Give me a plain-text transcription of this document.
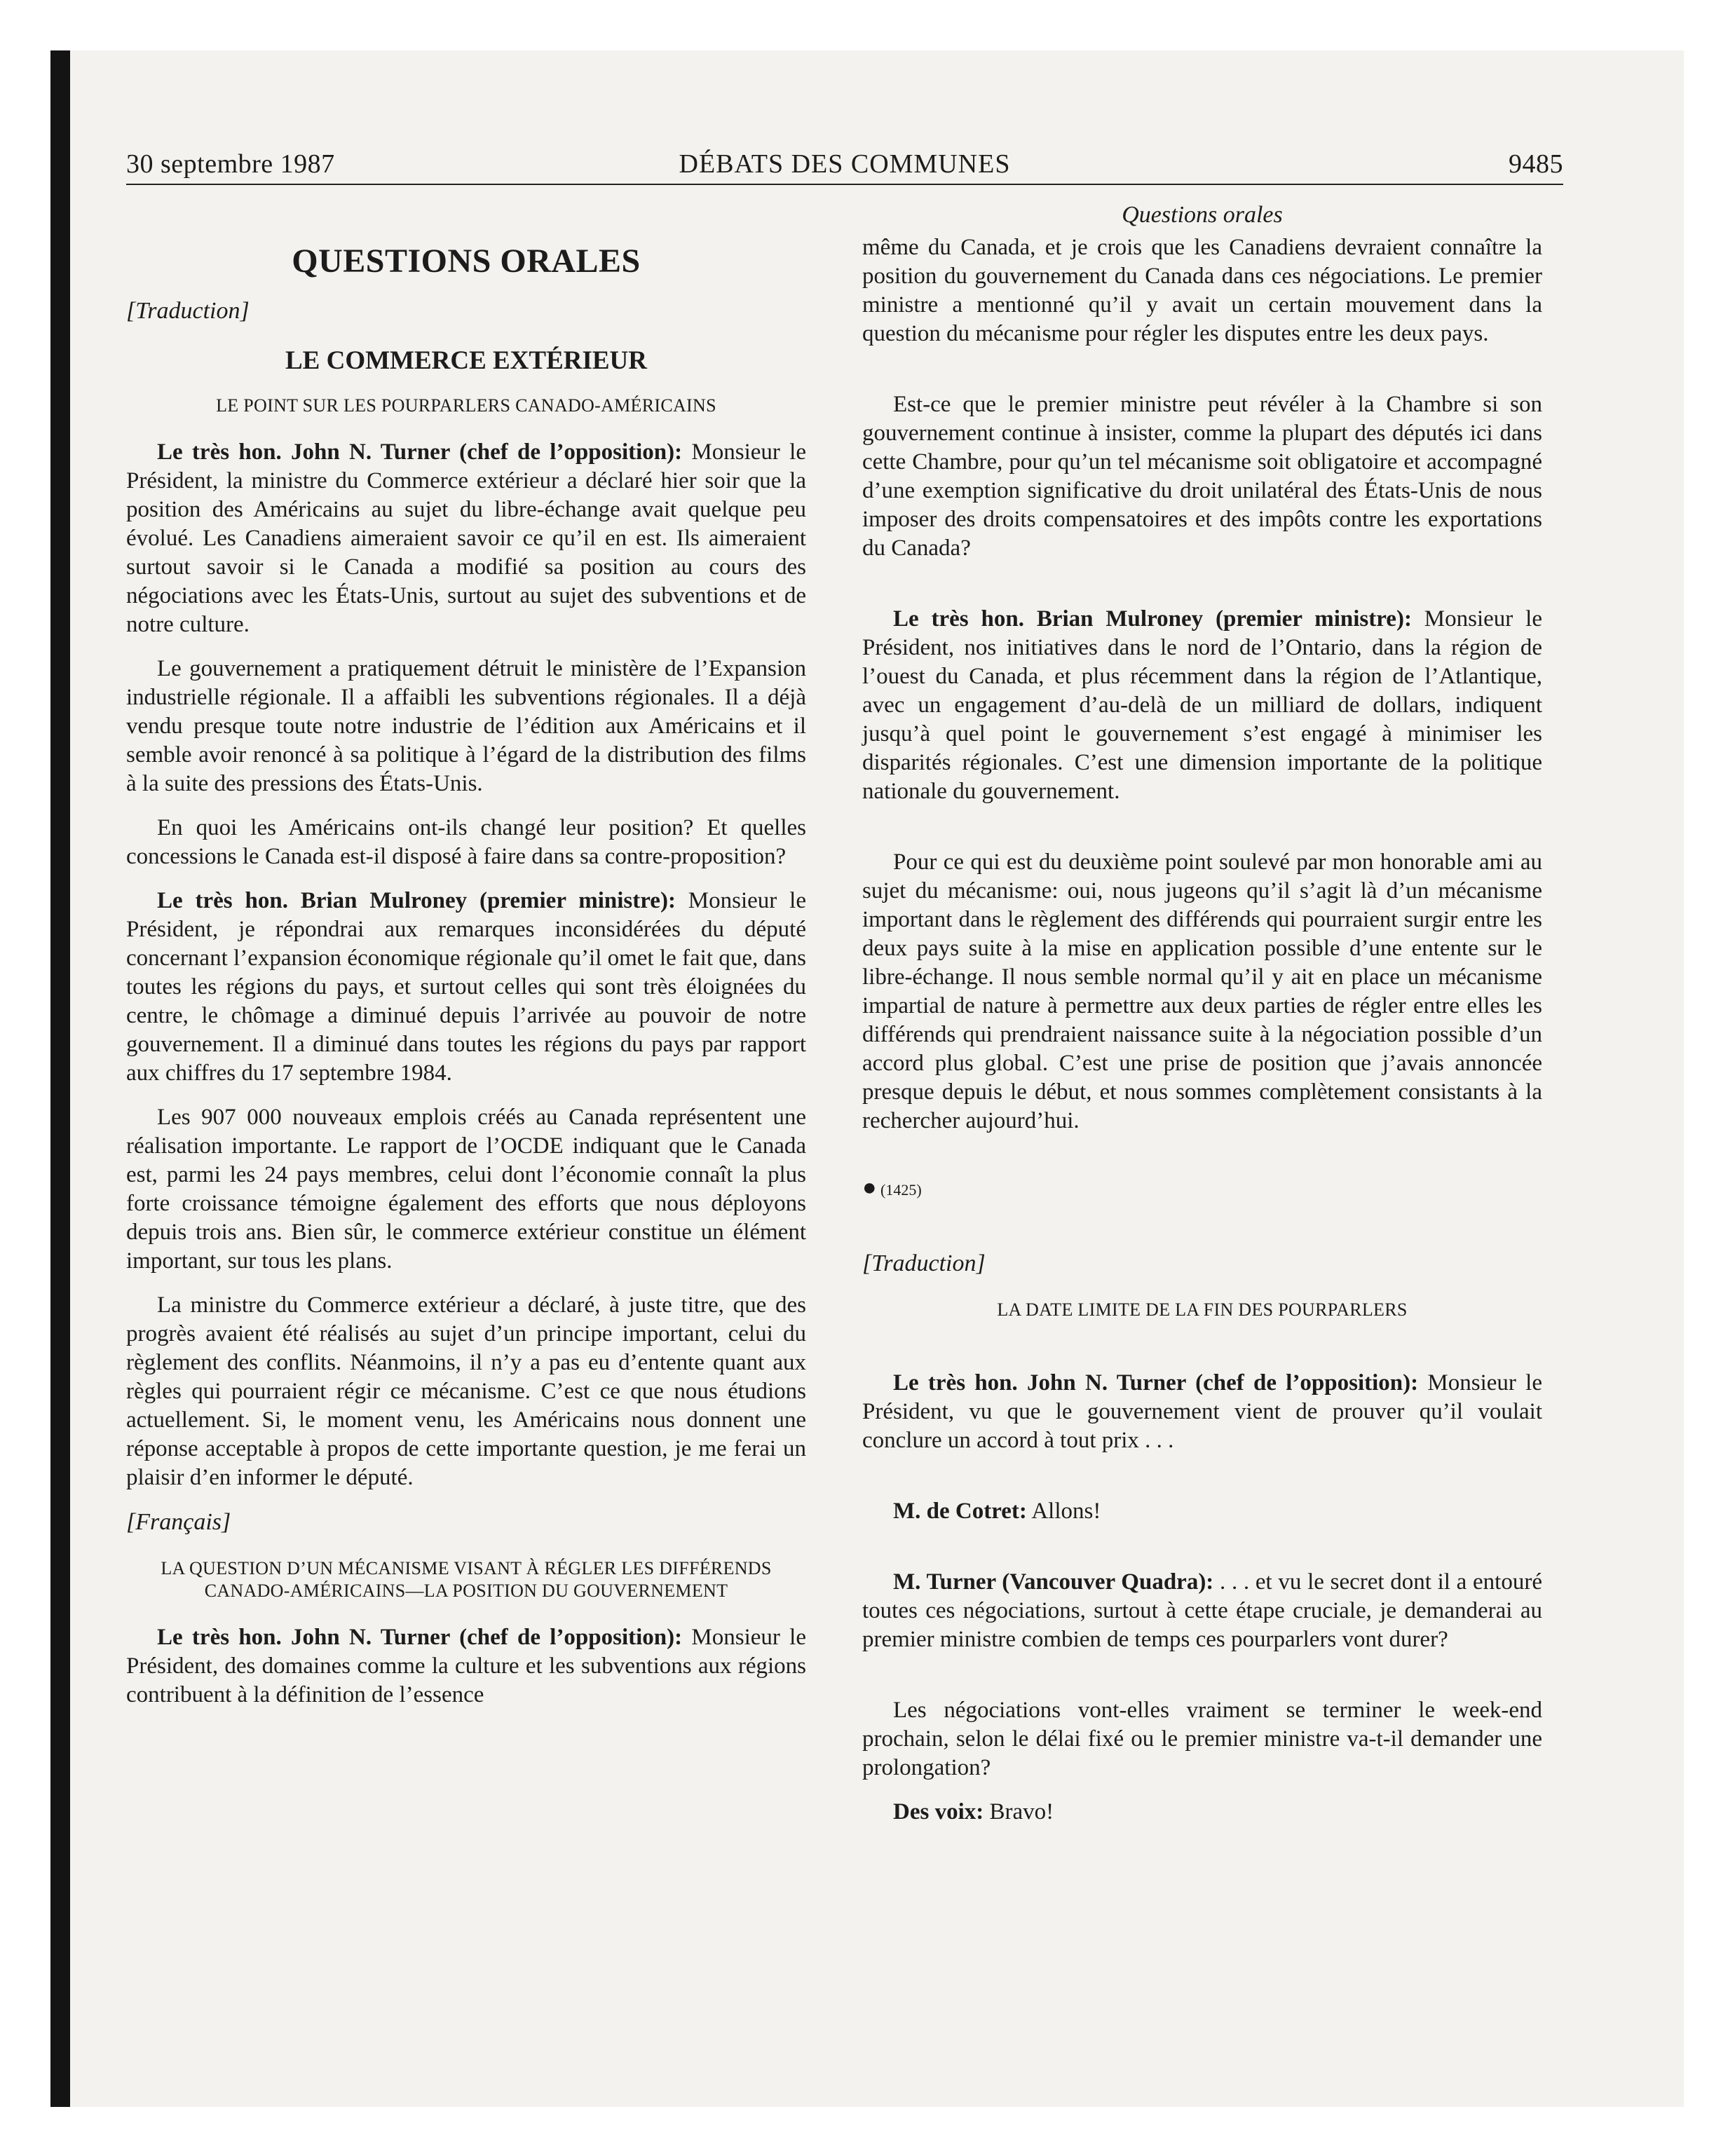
30 septembre 1987	DÉBATS DES COMMUNES	9485
QUESTIONS ORALES
[Traduction]
LE COMMERCE EXTÉRIEUR
LE POINT SUR LES POURPARLERS CANADO-AMÉRICAINS

Le très hon. John N. Turner (chef de l’opposition): Monsieur le Président, la ministre du Commerce extérieur a déclaré hier soir que la position des Américains au sujet du libre-échange avait quelque peu évolué. Les Canadiens aimeraient savoir ce qu’il en est. Ils aimeraient surtout savoir si le Canada a modifié sa position au cours des négociations avec les États-Unis, surtout au sujet des subventions et de notre culture.

Le gouvernement a pratiquement détruit le ministère de l’Expansion industrielle régionale. Il a affaibli les subventions régionales. Il a déjà vendu presque toute notre industrie de l’édition aux Américains et il semble avoir renoncé à sa politique à l’égard de la distribution des films à la suite des pressions des États-Unis.

En quoi les Américains ont-ils changé leur position? Et quelles concessions le Canada est-il disposé à faire dans sa contre-proposition?

Le très hon. Brian Mulroney (premier ministre): Monsieur le Président, je répondrai aux remarques inconsidérées du député concernant l’expansion économique régionale qu’il omet le fait que, dans toutes les régions du pays, et surtout celles qui sont très éloignées du centre, le chômage a diminué depuis l’arrivée au pouvoir de notre gouvernement. Il a diminué dans toutes les régions du pays par rapport aux chiffres du 17 septembre 1984.

Les 907 000 nouveaux emplois créés au Canada représentent une réalisation importante. Le rapport de l’OCDE indiquant que le Canada est, parmi les 24 pays membres, celui dont l’économie connaît la plus forte croissance témoigne également des efforts que nous déployons depuis trois ans. Bien sûr, le commerce extérieur constitue un élément important, sur tous les plans.

La ministre du Commerce extérieur a déclaré, à juste titre, que des progrès avaient été réalisés au sujet d’un principe important, celui du règlement des conflits. Néanmoins, il n’y a pas eu d’entente quant aux règles qui pourraient régir ce mécanisme. C’est ce que nous étudions actuellement. Si, le moment venu, les Américains nous donnent une réponse acceptable à propos de cette importante question, je me ferai un plaisir d’en informer le député.

[Français]
LA QUESTION D’UN MÉCANISME VISANT À RÉGLER LES DIFFÉRENDS CANADO-AMÉRICAINS—LA POSITION DU GOUVERNEMENT

Le très hon. John N. Turner (chef de l’opposition): Monsieur le Président, des domaines comme la culture et les subventions aux régions contribuent à la définition de l’essence

Questions orales

même du Canada, et je crois que les Canadiens devraient connaître la position du gouvernement du Canada dans ces négociations. Le premier ministre a mentionné qu’il y avait un certain mouvement dans la question du mécanisme pour régler les disputes entre les deux pays.

Est-ce que le premier ministre peut révéler à la Chambre si son gouvernement continue à insister, comme la plupart des députés ici dans cette Chambre, pour qu’un tel mécanisme soit obligatoire et accompagné d’une exemption significative du droit unilatéral des États-Unis de nous imposer des droits compensatoires et des impôts contre les exportations du Canada?

Le très hon. Brian Mulroney (premier ministre): Monsieur le Président, nos initiatives dans le nord de l’Ontario, dans la région de l’ouest du Canada, et plus récemment dans la région de l’Atlantique, avec un engagement d’au-delà de un milliard de dollars, indiquent jusqu’à quel point le gouvernement s’est engagé à minimiser les disparités régionales. C’est une dimension importante de la politique nationale du gouvernement.

Pour ce qui est du deuxième point soulevé par mon honorable ami au sujet du mécanisme: oui, nous jugeons qu’il s’agit là d’un mécanisme important dans le règlement des différends qui pourraient surgir entre les deux pays suite à la mise en application possible d’une entente sur le libre-échange. Il nous semble normal qu’il y ait en place un mécanisme impartial de nature à permettre aux deux parties de régler entre elles les différends qui prendraient naissance suite à la négociation possible d’un accord plus global. C’est une prise de position que j’avais annoncée presque depuis le début, et nous sommes complètement consistants à la rechercher aujourd’hui.

● (1425)
[Traduction]
LA DATE LIMITE DE LA FIN DES POURPARLERS

Le très hon. John N. Turner (chef de l’opposition): Monsieur le Président, vu que le gouvernement vient de prouver qu’il voulait conclure un accord à tout prix . . .

M. de Cotret: Allons!

M. Turner (Vancouver Quadra): . . . et vu le secret dont il a entouré toutes ces négociations, surtout à cette étape cruciale, je demanderai au premier ministre combien de temps ces pourparlers vont durer?

Les négociations vont-elles vraiment se terminer le week-end prochain, selon le délai fixé ou le premier ministre va-t-il demander une prolongation?

Des voix: Bravo!
